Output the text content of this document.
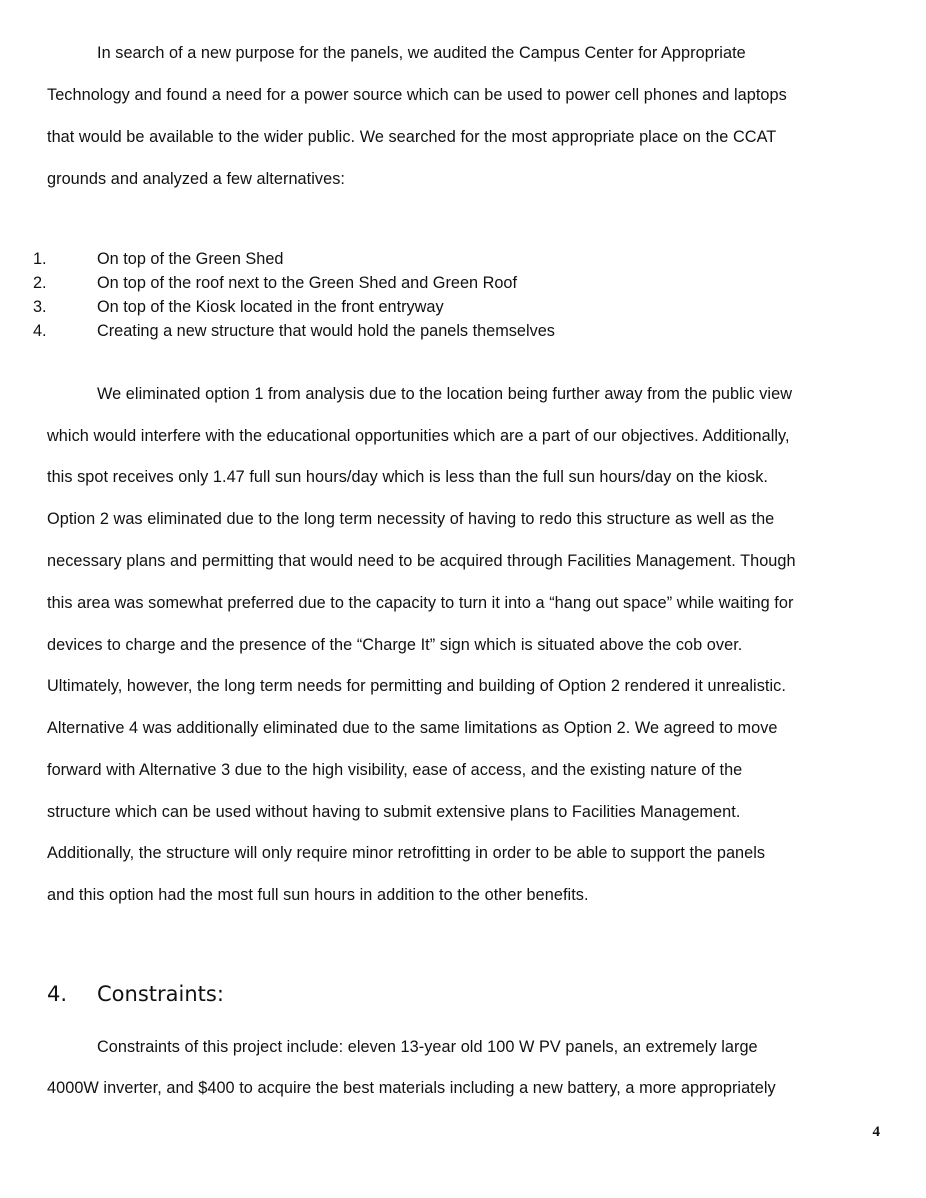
In search of a new purpose for the panels, we audited the Campus Center for Appropriate
Technology and found a need for a power source which can be used to power cell phones and laptops
that would be available to the wider public. We searched for the most appropriate place on the CCAT
grounds and analyzed a few alternatives:
1.	On top of the Green Shed
2.	On top of the roof next to the Green Shed and Green Roof
3.	On top of the Kiosk located in the front entryway
4.	Creating a new structure that would hold the panels themselves
We eliminated option 1 from analysis due to the location being further away from the public view
which would interfere with the educational opportunities which are a part of our objectives. Additionally,
this spot receives only 1.47 full sun hours/day which is less than the full sun hours/day on the kiosk.
Option 2 was eliminated due to the long term necessity of having to redo this structure as well as the
necessary plans and permitting that would need to be acquired through Facilities Management. Though
this area was somewhat preferred due to the capacity to turn it into a “hang out space” while waiting for
devices to charge and the presence of the “Charge It” sign which is situated above the cob over.
Ultimately, however, the long term needs for permitting and building of Option 2 rendered it unrealistic.
Alternative 4 was additionally eliminated due to the same limitations as Option 2. We agreed to move
forward with Alternative 3 due to the high visibility, ease of access, and the existing nature of the
structure which can be used without having to submit extensive plans to Facilities Management.
Additionally, the structure will only require minor retrofitting in order to be able to support the panels
and this option had the most full sun hours in addition to the other benefits.
4. Constraints:
Constraints of this project include: eleven 13-year old 100 W PV panels, an extremely large
4000W inverter, and $400 to acquire the best materials including a new battery, a more appropriately
4
